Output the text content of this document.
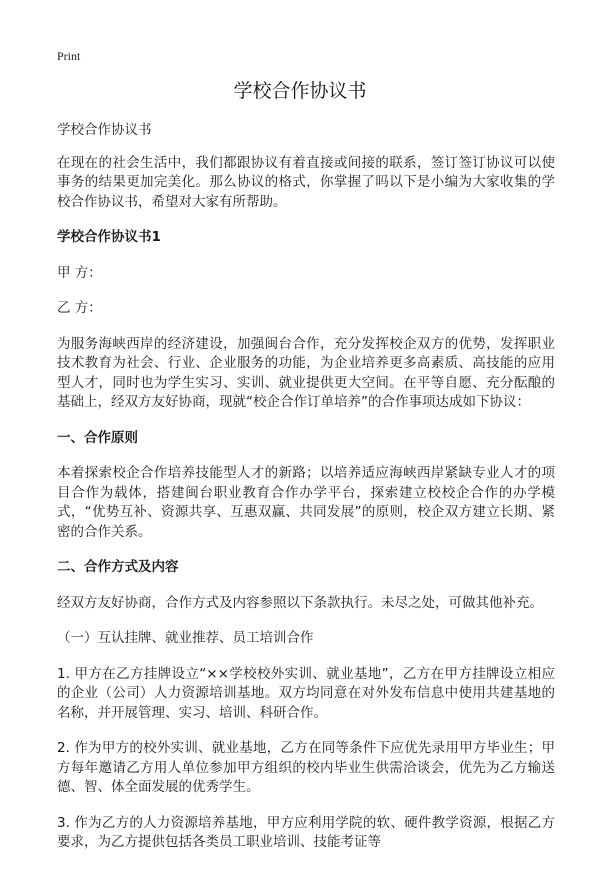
Print
学校合作协议书

学校合作协议书

在现在的社会生活中，我们都跟协议有着直接或间接的联系，签订签订协议可以使事务的结果更加完美化。那么协议的格式，你掌握了吗以下是小编为大家收集的学校合作协议书，希望对大家有所帮助。

学校合作协议书1

甲 方：

乙 方：

为服务海峡西岸的经济建设，加强闽台合作，充分发挥校企双方的优势，发挥职业技术教育为社会、行业、企业服务的功能，为企业培养更多高素质、高技能的应用型人才，同时也为学生实习、实训、就业提供更大空间。在平等自愿、充分酝酿的基础上，经双方友好协商，现就“校企合作订单培养”的合作事项达成如下协议：

一、合作原则

本着探索校企合作培养技能型人才的新路；以培养适应海峡西岸紧缺专业人才的项目合作为载体，搭建闽台职业教育合作办学平台，探索建立校校企合作的办学模式，“优势互补、资源共享、互惠双赢、共同发展”的原则，校企双方建立长期、紧密的合作关系。

二、合作方式及内容

经双方友好协商，合作方式及内容参照以下条款执行。未尽之处，可做其他补充。

（一）互认挂牌、就业推荐、员工培训合作

1. 甲方在乙方挂牌设立“××学校校外实训、就业基地”，乙方在甲方挂牌设立相应的企业（公司）人力资源培训基地。双方均同意在对外发布信息中使用共建基地的名称，并开展管理、实习、培训、科研合作。

2. 作为甲方的校外实训、就业基地，乙方在同等条件下应优先录用甲方毕业生；甲方每年邀请乙方用人单位参加甲方组织的校内毕业生供需洽谈会，优先为乙方输送德、智、体全面发展的优秀学生。

3. 作为乙方的人力资源培养基地，甲方应利用学院的软、硬件教学资源，根据乙方要求，为乙方提供包括各类员工职业培训、技能考证等
